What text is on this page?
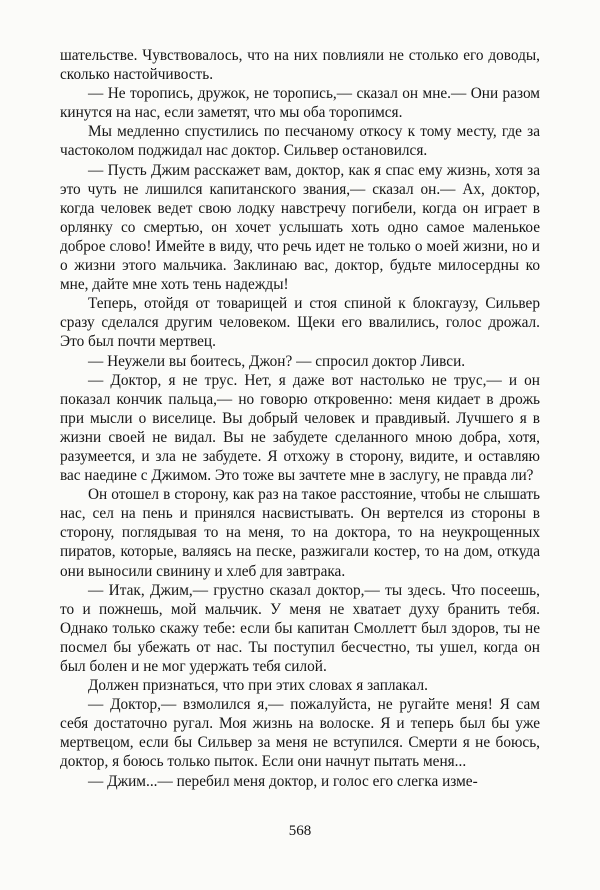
шательстве. Чувствовалось, что на них повлияли не столько его доводы, сколько настойчивость.

— Не торопись, дружок, не торопись,— сказал он мне.— Они разом кинутся на нас, если заметят, что мы оба торопимся.

Мы медленно спустились по песчаному откосу к тому месту, где за частоколом поджидал нас доктор. Сильвер остановился.

— Пусть Джим расскажет вам, доктор, как я спас ему жизнь, хотя за это чуть не лишился капитанского звания,— сказал он.— Ах, доктор, когда человек ведет свою лодку навстречу погибели, когда он играет в орлянку со смертью, он хочет услышать хоть одно самое маленькое доброе слово! Имейте в виду, что речь идет не только о моей жизни, но и о жизни этого мальчика. Заклинаю вас, доктор, будьте милосердны ко мне, дайте мне хоть тень надежды!

Теперь, отойдя от товарищей и стоя спиной к блокгаузу, Сильвер сразу сделался другим человеком. Щеки его ввалились, голос дрожал. Это был почти мертвец.

— Неужели вы боитесь, Джон? — спросил доктор Ливси.

— Доктор, я не трус. Нет, я даже вот настолько не трус,— и он показал кончик пальца,— но говорю откровенно: меня кидает в дрожь при мысли о виселице. Вы добрый человек и правдивый. Лучшего я в жизни своей не видал. Вы не забудете сделанного мною добра, хотя, разумеется, и зла не забудете. Я отхожу в сторону, видите, и оставляю вас наедине с Джимом. Это тоже вы зачтете мне в заслугу, не правда ли?

Он отошел в сторону, как раз на такое расстояние, чтобы не слышать нас, сел на пень и принялся насвистывать. Он вертелся из стороны в сторону, поглядывая то на меня, то на доктора, то на неукрощенных пиратов, которые, валяясь на песке, разжигали костер, то на дом, откуда они выносили свинину и хлеб для завтрака.

— Итак, Джим,— грустно сказал доктор,— ты здесь. Что посеешь, то и пожнешь, мой мальчик. У меня не хватает духу бранить тебя. Однако только скажу тебе: если бы капитан Смоллетт был здоров, ты не посмел бы убежать от нас. Ты поступил бесчестно, ты ушел, когда он был болен и не мог удержать тебя силой.

Должен признаться, что при этих словах я заплакал.

— Доктор,— взмолился я,— пожалуйста, не ругайте меня! Я сам себя достаточно ругал. Моя жизнь на волоске. Я и теперь был бы уже мертвецом, если бы Сильвер за меня не вступился. Смерти я не боюсь, доктор, я боюсь только пыток. Если они начнут пытать меня...

— Джим...— перебил меня доктор, и голос его слегка изме-

568
